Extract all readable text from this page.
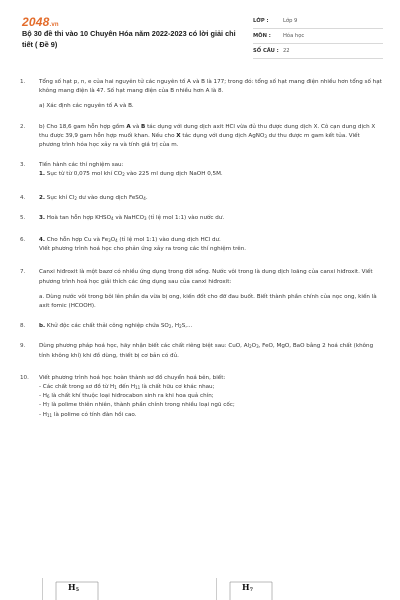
2048.vn
Bộ 30 đề thi vào 10 Chuyên Hóa năm 2022-2023 có lời giải chi tiết ( Đề 9)
LỚP :	Lớp 9
MÔN :	Hóa học
SỐ CÂU : 22
1.	Tổng số hạt p, n, e của hai nguyên tử các nguyên tố A và B là 177; trong đó: tổng số hạt mang điện nhiều hơn tổng số hạt không mang điện là 47. Số hạt mang điện của B nhiều hơn A là 8.
a) Xác định các nguyên tố A và B.
2.	b) Cho 18,6 gam hỗn hợp gồm A và B tác dụng với dung dịch axit HCl vừa đủ thu được dung dịch X. Cô cạn dung dịch X thu được 39,9 gam hỗn hợp muối khan. Nếu cho X tác dụng với dung dịch AgNO$_3$ dư thu được m gam kết tủa. Viết phương trình hóa học xảy ra và tính giá trị của m.
3.	Tiến hành các thí nghiệm sau:
1. Sục từ từ 0,075 mol khí $CO_2$ vào 225 ml dung dịch NaOH 0,5M.
4.	2. Sục khí $Cl_2$ dư vào dung dịch FeSO$_4$.
5.	3. Hoà tan hỗn hợp $KHSO_4$ và NaHCO$_3$ (tỉ lệ mol 1:1) vào nước dư.
6.	4. Cho hỗn hợp Cu và $Fe_3O_4$ (tỉ lệ mol 1:1) vào dung dịch HCl dư.
Viết phương trình hoá học cho phản ứng xảy ra trong các thí nghiệm trên.
7.	Canxi hiđroxit là một bazơ có nhiều ứng dụng trong đời sống. Nước vôi trong là dung dịch loãng của canxi hiđroxit. Viết phương trình hoá học giải thích các ứng dụng sau của canxi hiđroxit:
a. Dùng nước vôi trong bôi lên phần da vừa bị ong, kiến đốt cho đỡ đau buốt. Biết thành phần chính của nọc ong, kiến là axit fomic (HCOOH).
8.	b. Khử độc các chất thải công nghiệp chứa $SO_2$, $H_2S$,...
9.	Dùng phương pháp hoá học, hãy nhận biết các chất riêng biệt sau: CuO, $Al_2O_3$, FeO, MgO, BaO bằng 2 hoá chất (không tính không khí) khi đồ dùng, thiết bị cơ bản có đủ.
10.	Viết phương trình hoá học hoàn thành sơ đồ chuyển hoá bên, biết:
- Các chất trong sơ đồ từ $H_1$ đến $H_{11}$ là chất hữu cơ khác nhau;
- $H_6$ là chất khí thuộc loại hiđrocabon sinh ra khi hoa quả chín;
- $H_7$ là polime thiên nhiên, thành phần chính trong nhiều loại ngũ cốc;
- $H_{11}$ là polime có tính đàn hồi cao.
$H_5$	$H_7$
